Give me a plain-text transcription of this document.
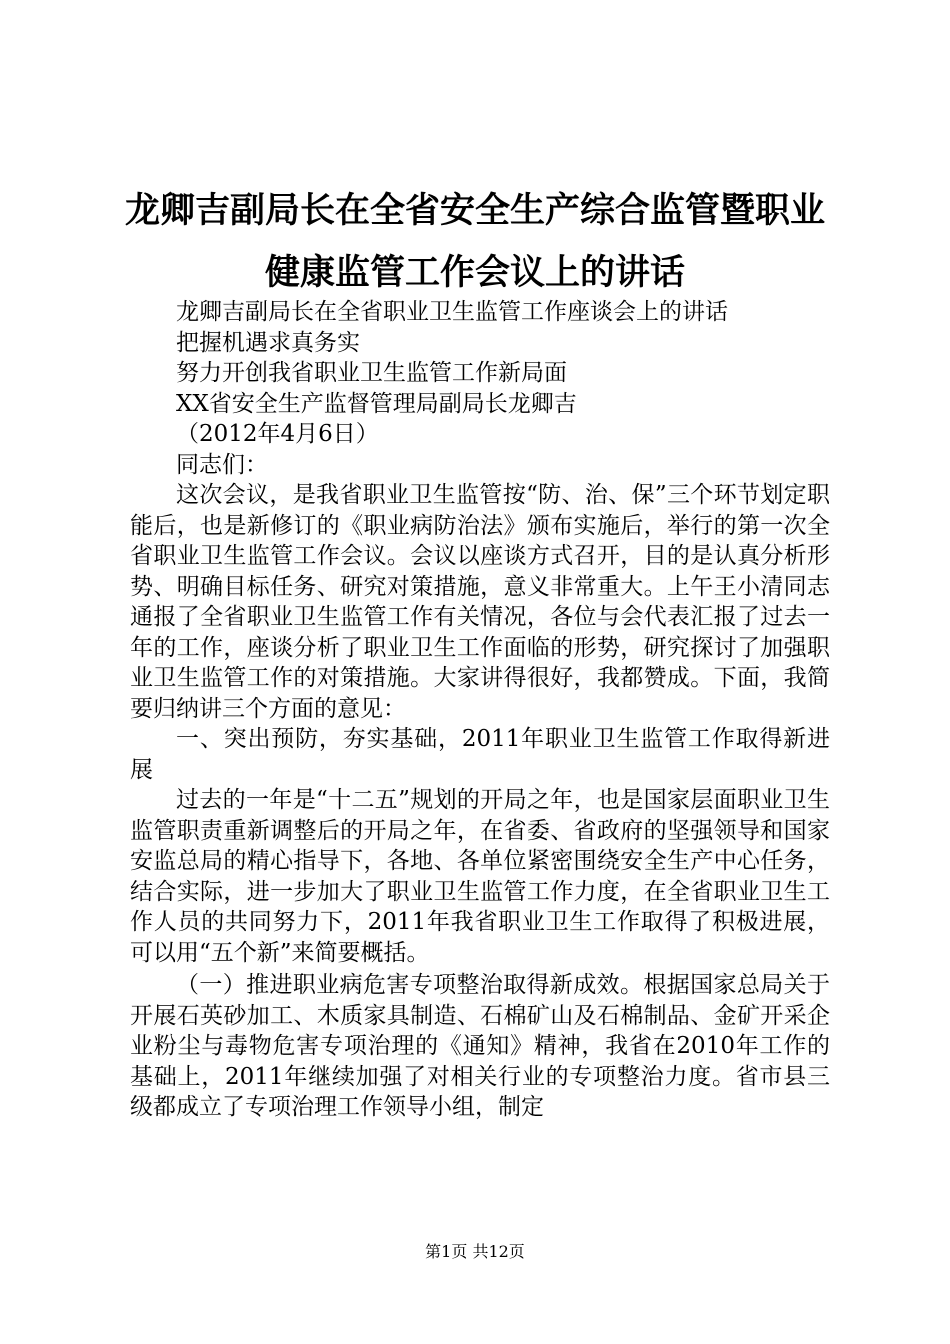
龙卿吉副局长在全省安全生产综合监管暨职业
健康监管工作会议上的讲话

龙卿吉副局长在全省职业卫生监管工作座谈会上的讲话

把握机遇求真务实

努力开创我省职业卫生监管工作新局面

XX省安全生产监督管理局副局长龙卿吉

（2012年4月6日）

同志们：

这次会议，是我省职业卫生监管按“防、治、保”三个环节划定职能后，也是新修订的《职业病防治法》颁布实施后，举行的第一次全省职业卫生监管工作会议。会议以座谈方式召开，目的是认真分析形势、明确目标任务、研究对策措施，意义非常重大。上午王小清同志通报了全省职业卫生监管工作有关情况，各位与会代表汇报了过去一年的工作，座谈分析了职业卫生工作面临的形势，研究探讨了加强职业卫生监管工作的对策措施。大家讲得很好，我都赞成。下面，我简要归纳讲三个方面的意见：

一、突出预防，夯实基础，2011年职业卫生监管工作取得新进展

过去的一年是“十二五”规划的开局之年，也是国家层面职业卫生监管职责重新调整后的开局之年，在省委、省政府的坚强领导和国家安监总局的精心指导下，各地、各单位紧密围绕安全生产中心任务，结合实际，进一步加大了职业卫生监管工作力度，在全省职业卫生工作人员的共同努力下，2011年我省职业卫生工作取得了积极进展，可以用“五个新”来简要概括。

（一）推进职业病危害专项整治取得新成效。根据国家总局关于开展石英砂加工、木质家具制造、石棉矿山及石棉制品、金矿开采企业粉尘与毒物危害专项治理的《通知》精神，我省在2010年工作的基础上，2011年继续加强了对相关行业的专项整治力度。省市县三级都成立了专项治理工作领导小组，制定

第1页 共12页
